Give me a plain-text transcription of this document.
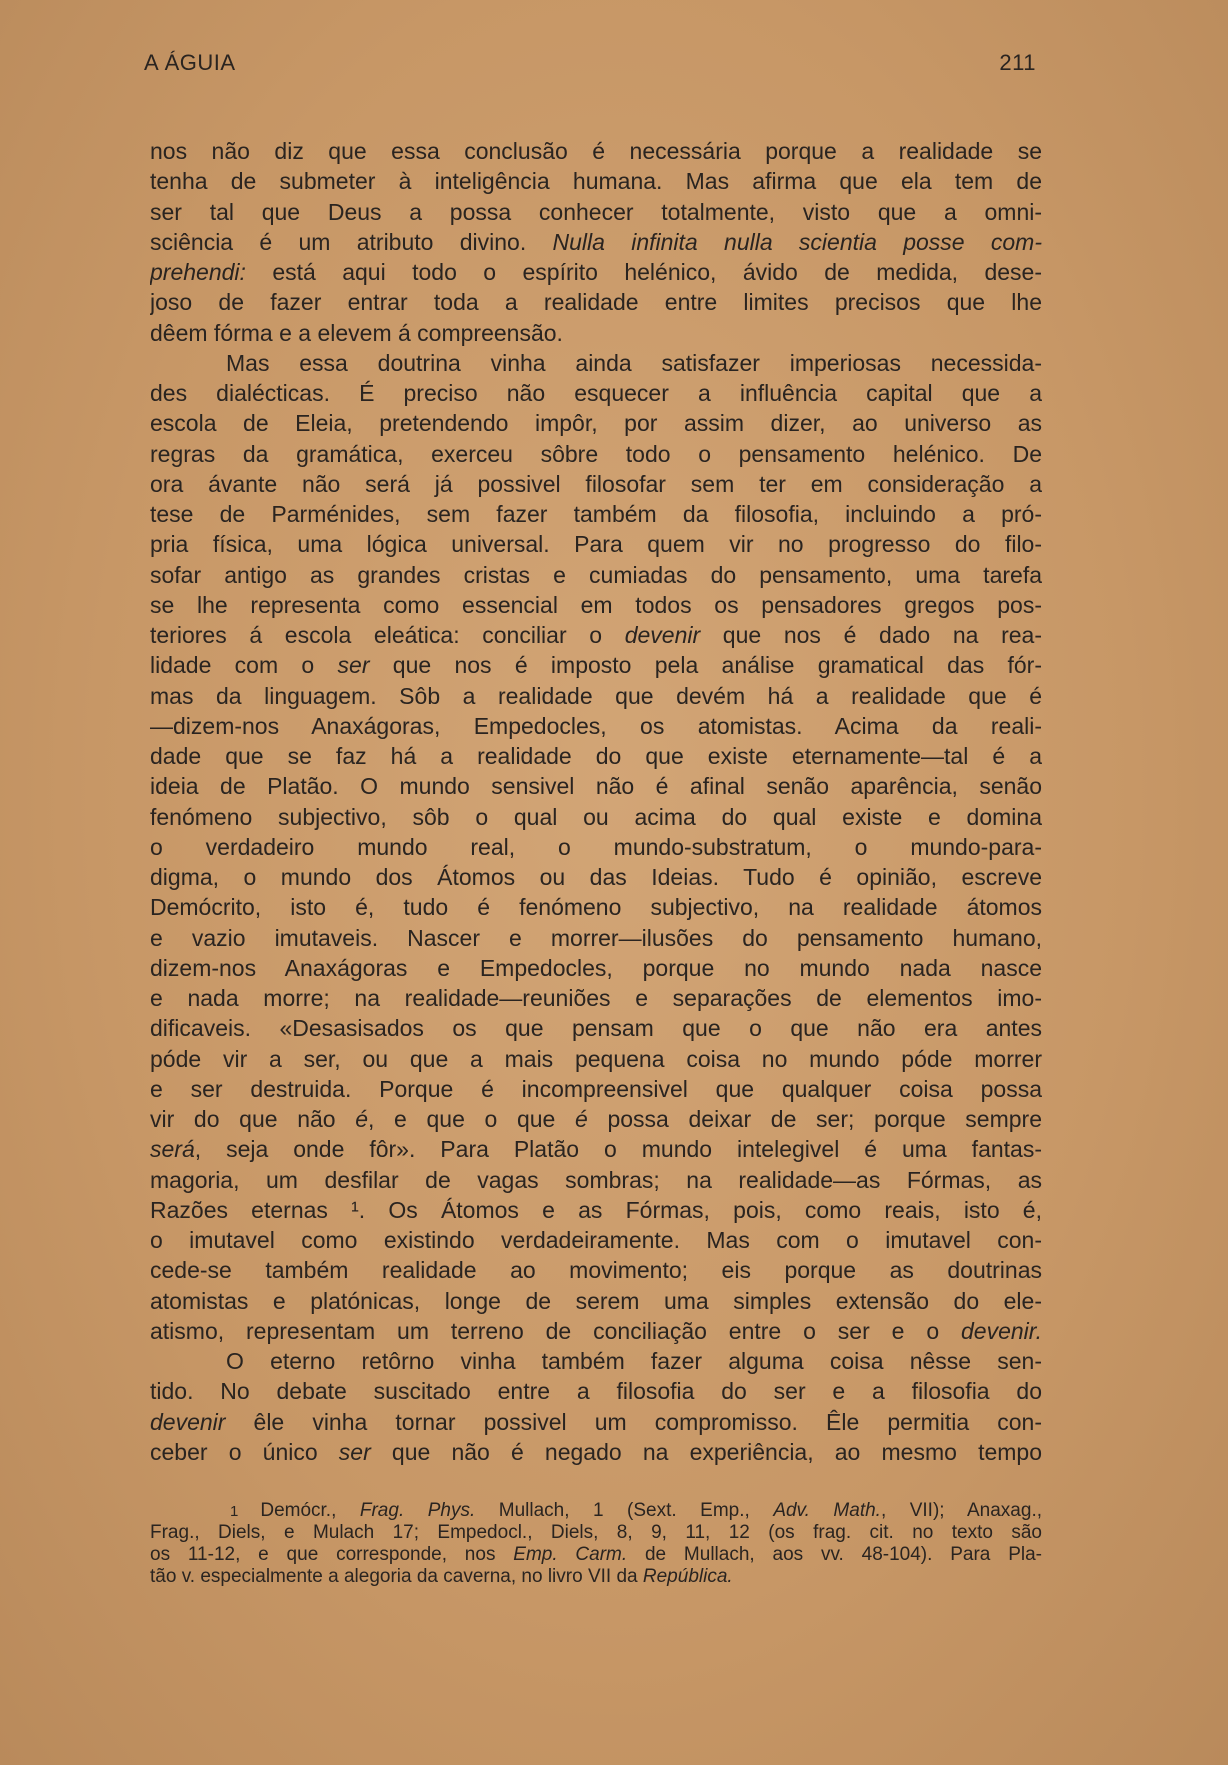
A ÁGUIA	211
nos não diz que essa conclusão é necessária porque a realidade se
tenha de submeter à inteligência humana. Mas afirma que ela tem de
ser tal que Deus a possa conhecer totalmente, visto que a omni-
sciência é um atributo divino. Nulla infinita nulla scientia posse com-
prehendi: está aqui todo o espírito helénico, ávido de medida, dese-
joso de fazer entrar toda a realidade entre limites precisos que lhe
dêem fórma e a elevem á compreensão.
Mas essa doutrina vinha ainda satisfazer imperiosas necessida-
des dialécticas. É preciso não esquecer a influência capital que a
escola de Eleia, pretendendo impôr, por assim dizer, ao universo as
regras da gramática, exerceu sôbre todo o pensamento helénico. De
ora ávante não será já possivel filosofar sem ter em consideração a
tese de Parménides, sem fazer também da filosofia, incluindo a pró-
pria física, uma lógica universal. Para quem vir no progresso do filo-
sofar antigo as grandes cristas e cumiadas do pensamento, uma tarefa
se lhe representa como essencial em todos os pensadores gregos pos-
teriores á escola eleática: conciliar o devenir que nos é dado na rea-
lidade com o ser que nos é imposto pela análise gramatical das fór-
mas da linguagem. Sôb a realidade que devém há a realidade que é
—dizem-nos Anaxágoras, Empedocles, os atomistas. Acima da reali-
dade que se faz há a realidade do que existe eternamente—tal é a
ideia de Platão. O mundo sensivel não é afinal senão aparência, senão
fenómeno subjectivo, sôb o qual ou acima do qual existe e domina
o verdadeiro mundo real, o mundo-substratum, o mundo-para-
digma, o mundo dos Átomos ou das Ideias. Tudo é opinião, escreve
Demócrito, isto é, tudo é fenómeno subjectivo, na realidade átomos
e vazio imutaveis. Nascer e morrer—ilusões do pensamento humano,
dizem-nos Anaxágoras e Empedocles, porque no mundo nada nasce
e nada morre; na realidade—reuniões e separações de elementos imo-
dificaveis. «Desasisados os que pensam que o que não era antes
póde vir a ser, ou que a mais pequena coisa no mundo póde morrer
e ser destruida. Porque é incompreensivel que qualquer coisa possa
vir do que não é, e que o que é possa deixar de ser; porque sempre
será, seja onde fôr». Para Platão o mundo intelegivel é uma fantas-
magoria, um desfilar de vagas sombras; na realidade—as Fórmas, as
Razões eternas ¹. Os Átomos e as Fórmas, pois, como reais, isto é,
o imutavel como existindo verdadeiramente. Mas com o imutavel con-
cede-se também realidade ao movimento; eis porque as doutrinas
atomistas e platónicas, longe de serem uma simples extensão do ele-
atismo, representam um terreno de conciliação entre o ser e o devenir.
O eterno retôrno vinha também fazer alguma coisa nêsse sen-
tido. No debate suscitado entre a filosofia do ser e a filosofia do
devenir êle vinha tornar possivel um compromisso. Êle permitia con-
ceber o único ser que não é negado na experiência, ao mesmo tempo
1 Demócr., Frag. Phys. Mullach, 1 (Sext. Emp., Adv. Math., VII); Anaxag.,
Frag., Diels, e Mulach 17; Empedocl., Diels, 8, 9, 11, 12 (os frag. cit. no texto são
os 11-12, e que corresponde, nos Emp. Carm. de Mullach, aos vv. 48-104). Para Pla-
tão v. especialmente a alegoria da caverna, no livro VII da República.
